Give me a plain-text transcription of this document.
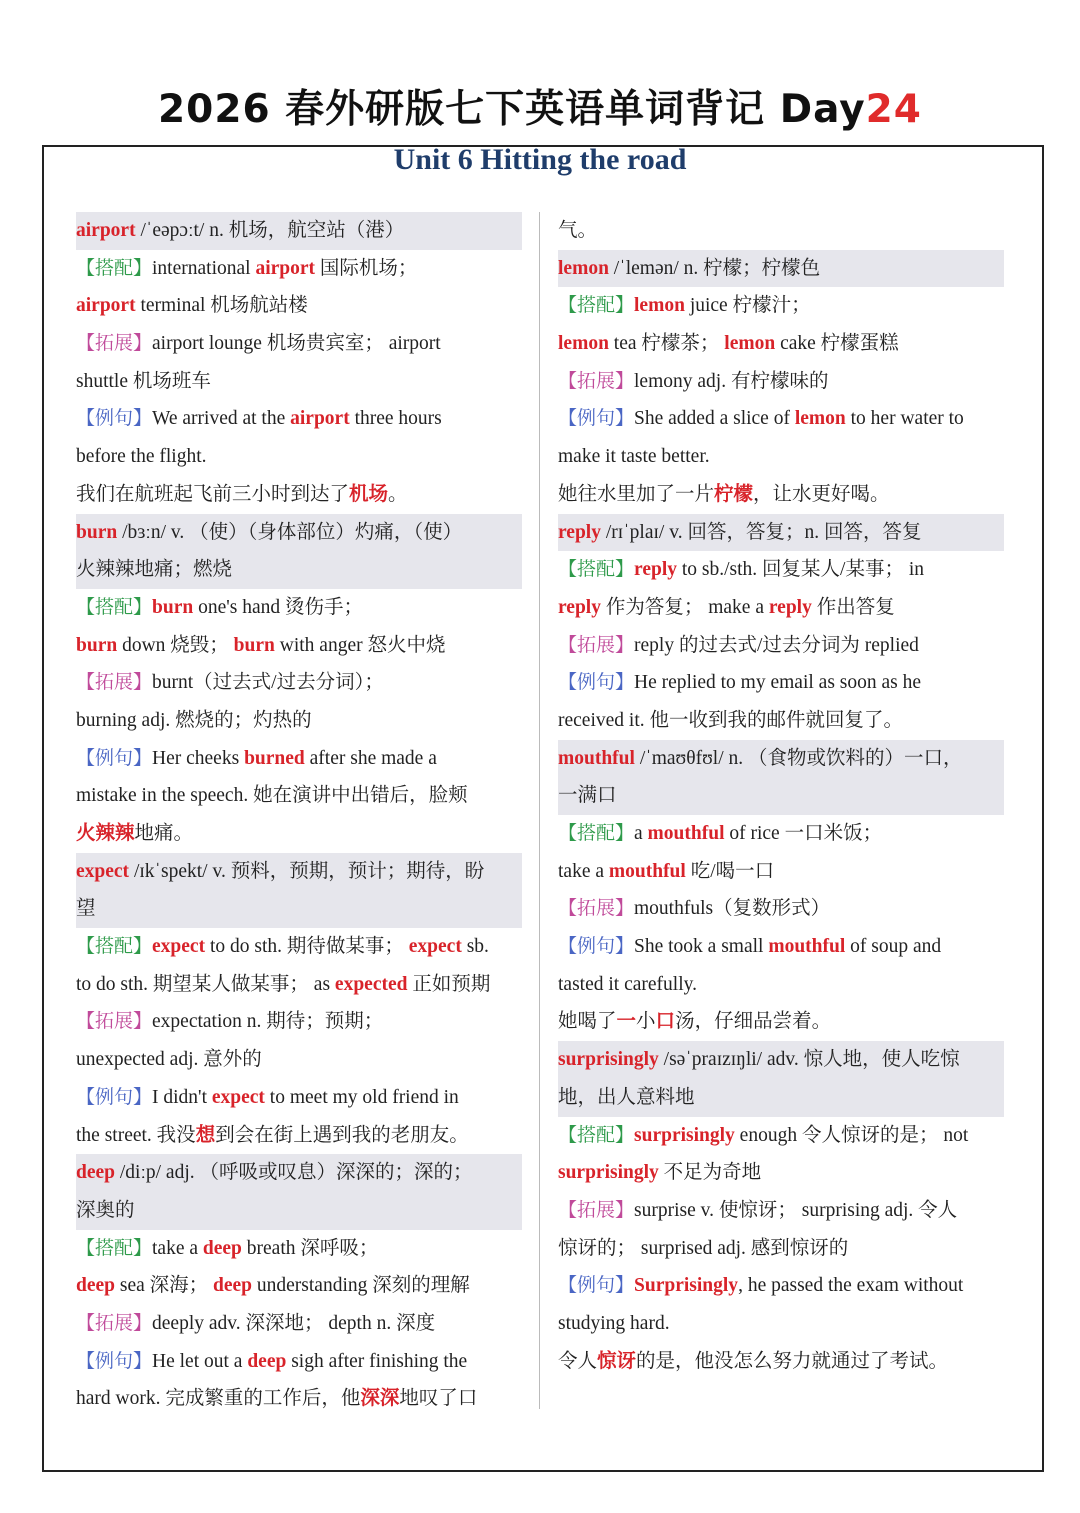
2026 春外研版七下英语单词背记 Day24
Unit 6 Hitting the road
airport /ˈeəpɔːt/ n. 机场，航空站（港）
【搭配】international airport 国际机场；
airport terminal 机场航站楼
【拓展】airport lounge 机场贵宾室； airport
shuttle 机场班车
【例句】We arrived at the airport three hours
before the flight.
我们在航班起飞前三小时到达了机场。
burn /bɜːn/ v. （使）（身体部位）灼痛，（使）
火辣辣地痛；燃烧
【搭配】burn one's hand 烫伤手；
burn down 烧毁； burn with anger 怒火中烧
【拓展】burnt（过去式/过去分词）；
burning adj. 燃烧的；灼热的
【例句】Her cheeks burned after she made a
mistake in the speech. 她在演讲中出错后，脸颊
火辣辣地痛。
expect /ɪkˈspekt/ v. 预料，预期，预计；期待，盼
望
【搭配】expect to do sth. 期待做某事； expect sb.
to do sth. 期望某人做某事； as expected 正如预期
【拓展】expectation n. 期待；预期；
unexpected adj. 意外的
【例句】I didn't expect to meet my old friend in
the street. 我没想到会在街上遇到我的老朋友。
deep /diːp/ adj. （呼吸或叹息）深深的；深的；
深奥的
【搭配】take a deep breath 深呼吸；
deep sea 深海； deep understanding 深刻的理解
【拓展】deeply adv. 深深地； depth n. 深度
【例句】He let out a deep sigh after finishing the
hard work. 完成繁重的工作后，他深深地叹了口
气。
lemon /ˈlemən/ n. 柠檬；柠檬色
【搭配】lemon juice 柠檬汁；
lemon tea 柠檬茶； lemon cake 柠檬蛋糕
【拓展】lemony adj. 有柠檬味的
【例句】She added a slice of lemon to her water to
make it taste better.
她往水里加了一片柠檬，让水更好喝。
reply /rɪˈplaɪ/ v. 回答，答复；n. 回答，答复
【搭配】reply to sb./sth. 回复某人/某事； in
reply 作为答复； make a reply 作出答复
【拓展】reply 的过去式/过去分词为 replied
【例句】He replied to my email as soon as he
received it. 他一收到我的邮件就回复了。
mouthful /ˈmaʊθfʊl/ n. （食物或饮料的）一口，
一满口
【搭配】a mouthful of rice 一口米饭；
take a mouthful 吃/喝一口
【拓展】mouthfuls（复数形式）
【例句】She took a small mouthful of soup and
tasted it carefully.
她喝了一小口汤，仔细品尝着。
surprisingly /səˈpraɪzɪŋli/ adv. 惊人地，使人吃惊
地，出人意料地
【搭配】surprisingly enough 令人惊讶的是； not
surprisingly 不足为奇地
【拓展】surprise v. 使惊讶； surprising adj. 令人
惊讶的； surprised adj. 感到惊讶的
【例句】Surprisingly, he passed the exam without
studying hard.
令人惊讶的是，他没怎么努力就通过了考试。
